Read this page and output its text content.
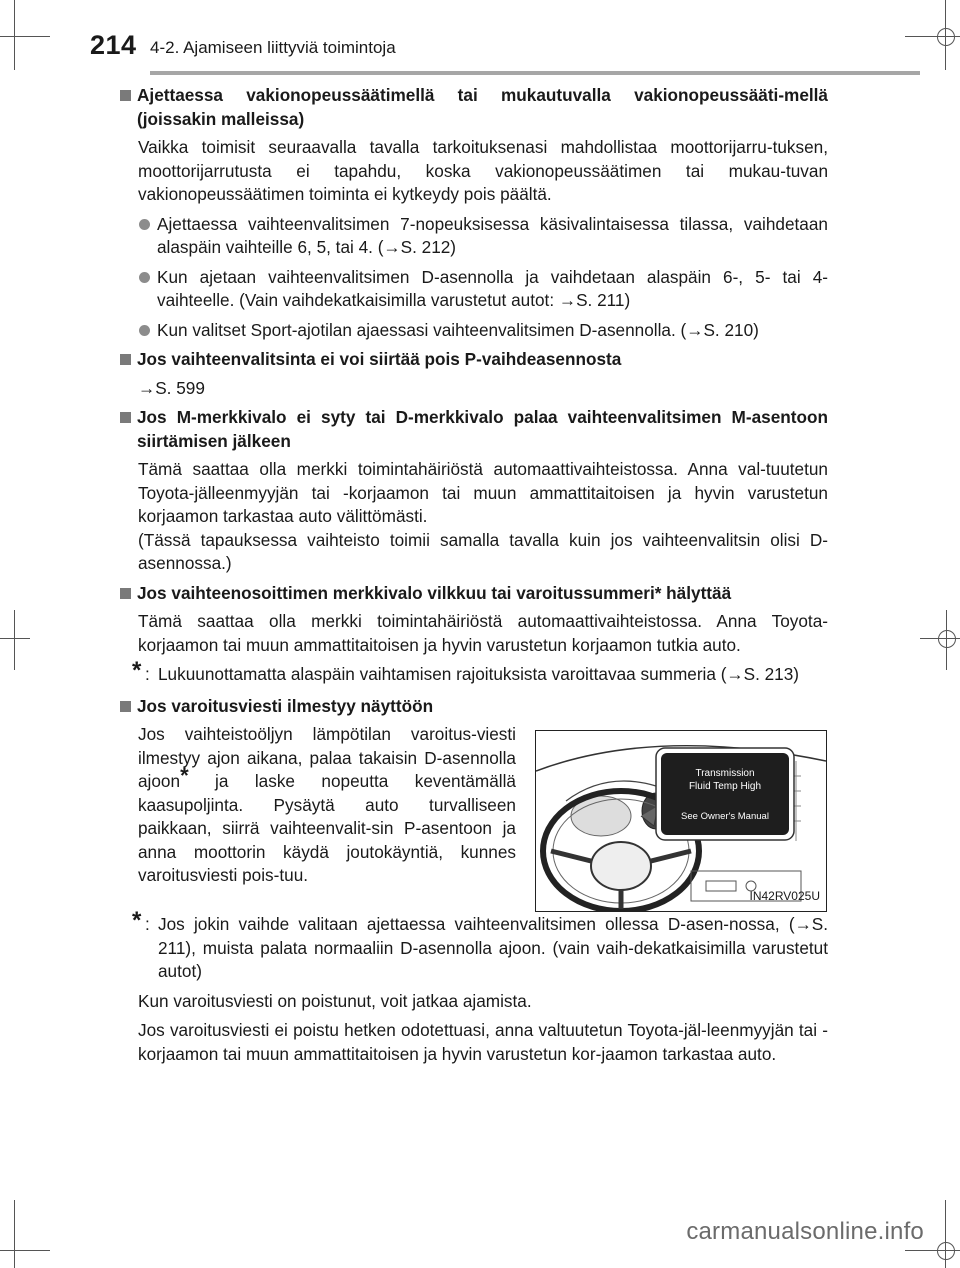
214 4-2. Ajamiseen liittyviä toimintoja
Ajettaessa vakionopeussäätimellä tai mukautuvalla vakionopeussääti-mellä (joissakin malleissa)
Vaikka toimisit seuraavalla tavalla tarkoituksenasi mahdollistaa moottorijarru-tuksen, moottorijarrutusta ei tapahdu, koska vakionopeussäätimen tai mukau-tuvan vakionopeussäätimen toiminta ei kytkeydy pois päältä.
Ajettaessa vaihteenvalitsimen 7-nopeuksisessa käsivalintaisessa tilassa, vaihdetaan alaspäin vaihteille 6, 5, tai 4. (→S. 212)
Kun ajetaan vaihteenvalitsimen D-asennolla ja vaihdetaan alaspäin 6-, 5- tai 4-vaihteelle. (Vain vaihdekatkaisimilla varustetut autot: →S. 211)
Kun valitset Sport-ajotilan ajaessasi vaihteenvalitsimen D-asennolla. (→S. 210)
Jos vaihteenvalitsinta ei voi siirtää pois P-vaihdeasennosta
→S. 599
Jos M-merkkivalo ei syty tai D-merkkivalo palaa vaihteenvalitsimen M-asentoon siirtämisen jälkeen
Tämä saattaa olla merkki toimintahäiriöstä automaattivaihteistossa. Anna val-tuutetun Toyota-jälleenmyyjän tai -korjaamon tai muun ammattitaitoisen ja hyvin varustetun korjaamon tarkastaa auto välittömästi.
(Tässä tapauksessa vaihteisto toimii samalla tavalla kuin jos vaihteenvalitsin olisi D-asennossa.)
Jos vaihteenosoittimen merkkivalo vilkkuu tai varoitussummeri* hälyttää
Tämä saattaa olla merkki toimintahäiriöstä automaattivaihteistossa. Anna Toyota-korjaamon tai muun ammattitaitoisen ja hyvin varustetun korjaamon tutkia auto.
* : Lukuunottamatta alaspäin vaihtamisen rajoituksista varoittavaa summeria (→S. 213)
Jos varoitusviesti ilmestyy näyttöön
Jos vaihteistoöljyn lämpötilan varoitus-viesti ilmestyy ajon aikana, palaa takaisin D-asennolla ajoon* ja laske nopeutta keventämällä kaasupoljinta. Pysäytä auto turvalliseen paikkaan, siirrä vaihteenvalit-sin P-asentoon ja anna moottorin käydä joutokäyntiä, kunnes varoitusviesti pois-tuu.
Transmission
Fluid Temp High
See Owner's Manual
IN42RV025U
* : Jos jokin vaihde valitaan ajettaessa vaihteenvalitsimen ollessa D-asen-nossa, (→S. 211), muista palata normaaliin D-asennolla ajoon. (vain vaih-dekatkaisimilla varustetut autot)
Kun varoitusviesti on poistunut, voit jatkaa ajamista.
Jos varoitusviesti ei poistu hetken odotettuasi, anna valtuutetun Toyota-jäl-leenmyyjän tai -korjaamon tai muun ammattitaitoisen ja hyvin varustetun kor-jaamon tarkastaa auto.
carmanualsonline.info
